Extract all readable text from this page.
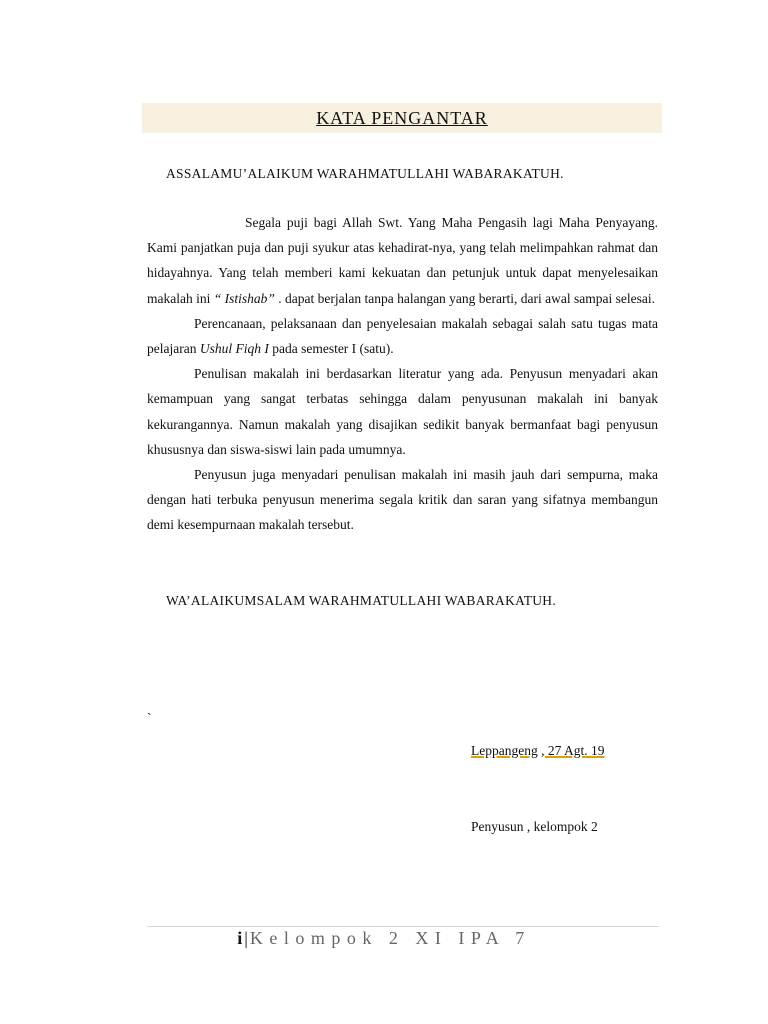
KATA PENGANTAR
ASSALAMU’ALAIKUM WARAHMATULLAHI WABARAKATUH.

Segala puji bagi Allah Swt. Yang Maha Pengasih lagi Maha Penyayang. Kami panjatkan puja dan puji syukur atas kehadirat-nya, yang telah melimpahkan rahmat dan hidayahnya. Yang telah memberi kami kekuatan dan petunjuk untuk dapat menyelesaikan makalah ini “ Istishab” . dapat berjalan tanpa halangan yang berarti, dari awal sampai selesai.

Perencanaan, pelaksanaan dan penyelesaian makalah sebagai salah satu tugas mata pelajaran Ushul Fiqh I pada semester I (satu).

Penulisan makalah ini berdasarkan literatur yang ada. Penyusun menyadari akan kemampuan yang sangat terbatas sehingga dalam penyusunan makalah ini banyak kekurangannya. Namun makalah yang disajikan sedikit banyak bermanfaat bagi penyusun khususnya dan siswa-siswi lain pada umumnya.

Penyusun juga menyadari penulisan makalah ini masih jauh dari sempurna, maka dengan hati terbuka penyusun menerima segala kritik dan saran yang sifatnya membangun demi kesempurnaan makalah tersebut.

WA’ALAIKUMSALAM WARAHMATULLAHI WABARAKATUH.
`
Leppangeng , 27 Agt. 19
Penyusun , kelompok 2
i | Kelompok 2 XI IPA 7
